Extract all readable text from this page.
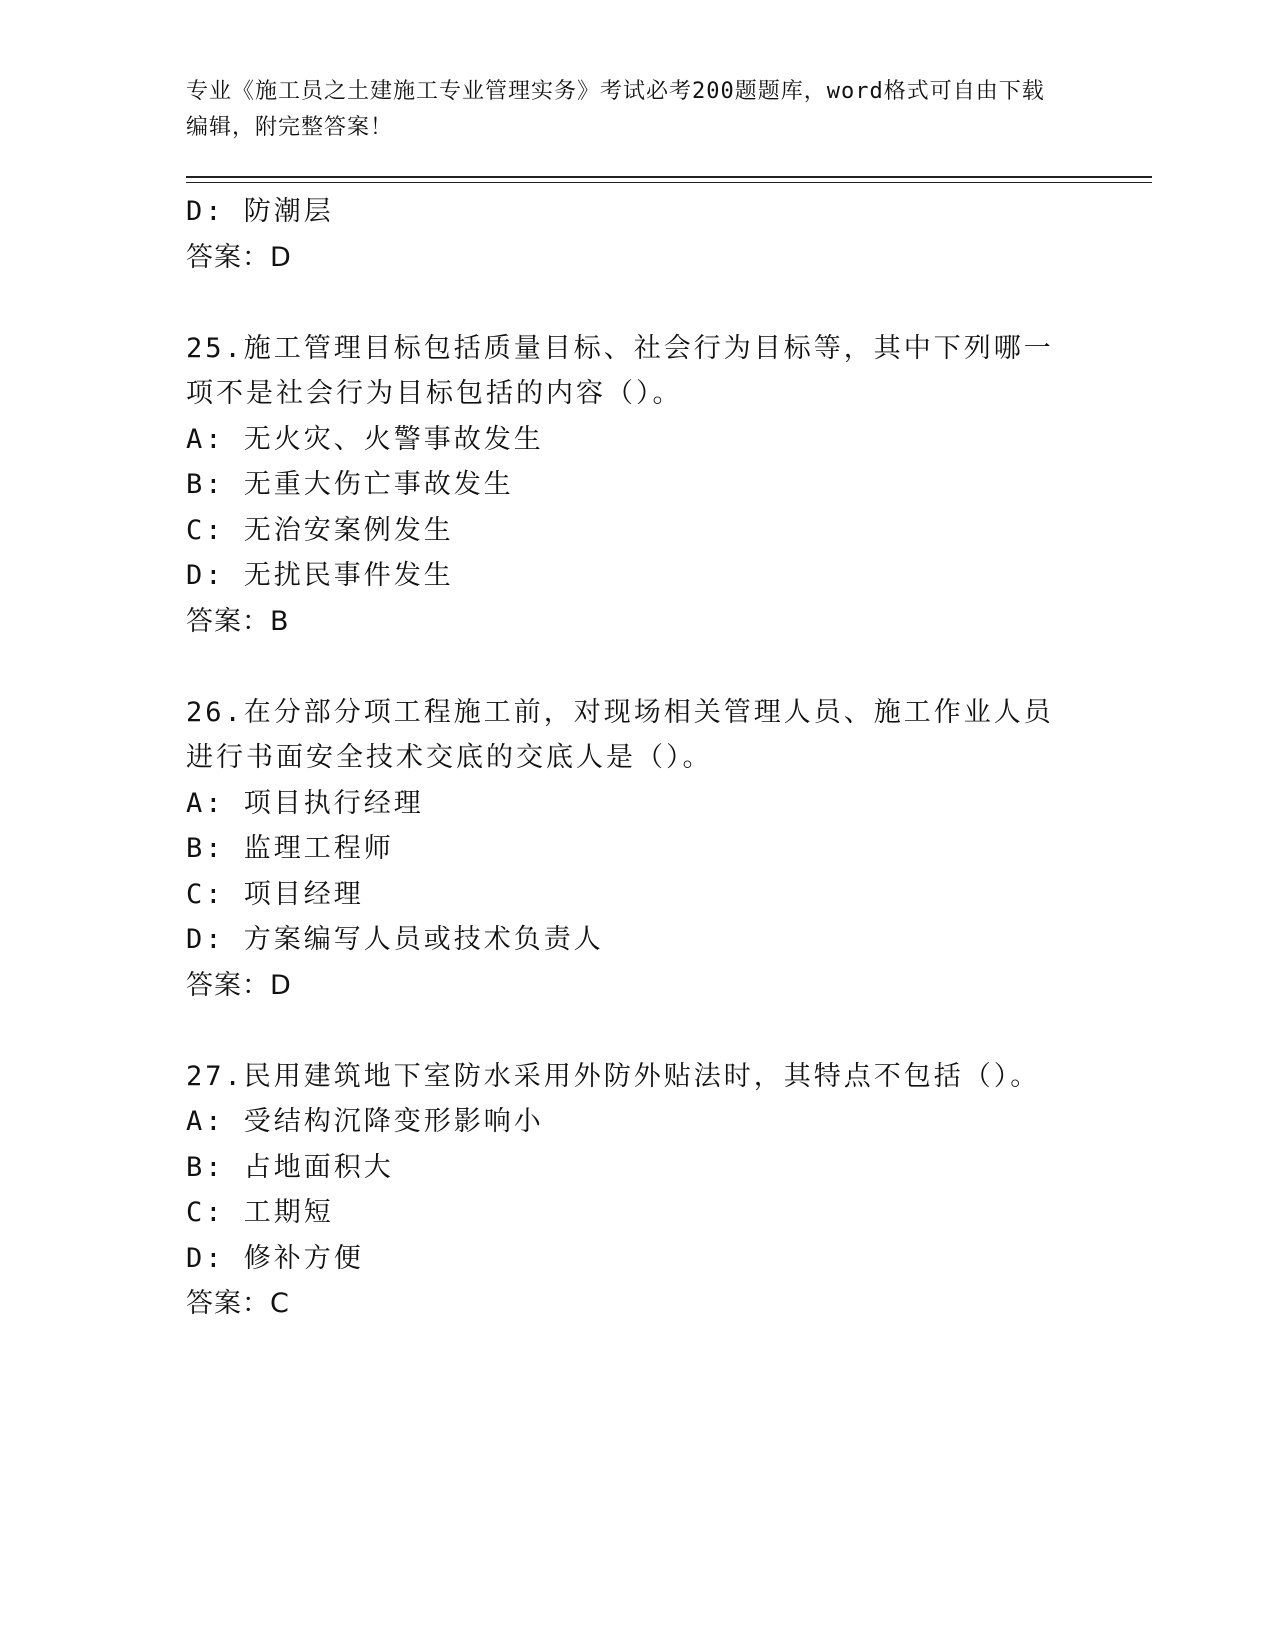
专业《施工员之土建施工专业管理实务》考试必考200题题库，word格式可自由下载编辑，附完整答案！
D: 防潮层
答案：D
25.施工管理目标包括质量目标、社会行为目标等，其中下列哪一项不是社会行为目标包括的内容（）。
A: 无火灾、火警事故发生
B: 无重大伤亡事故发生
C: 无治安案例发生
D: 无扰民事件发生
答案：B
26.在分部分项工程施工前，对现场相关管理人员、施工作业人员进行书面安全技术交底的交底人是（）。
A: 项目执行经理
B: 监理工程师
C: 项目经理
D: 方案编写人员或技术负责人
答案：D
27.民用建筑地下室防水采用外防外贴法时，其特点不包括（）。
A: 受结构沉降变形影响小
B: 占地面积大
C: 工期短
D: 修补方便
答案：C
